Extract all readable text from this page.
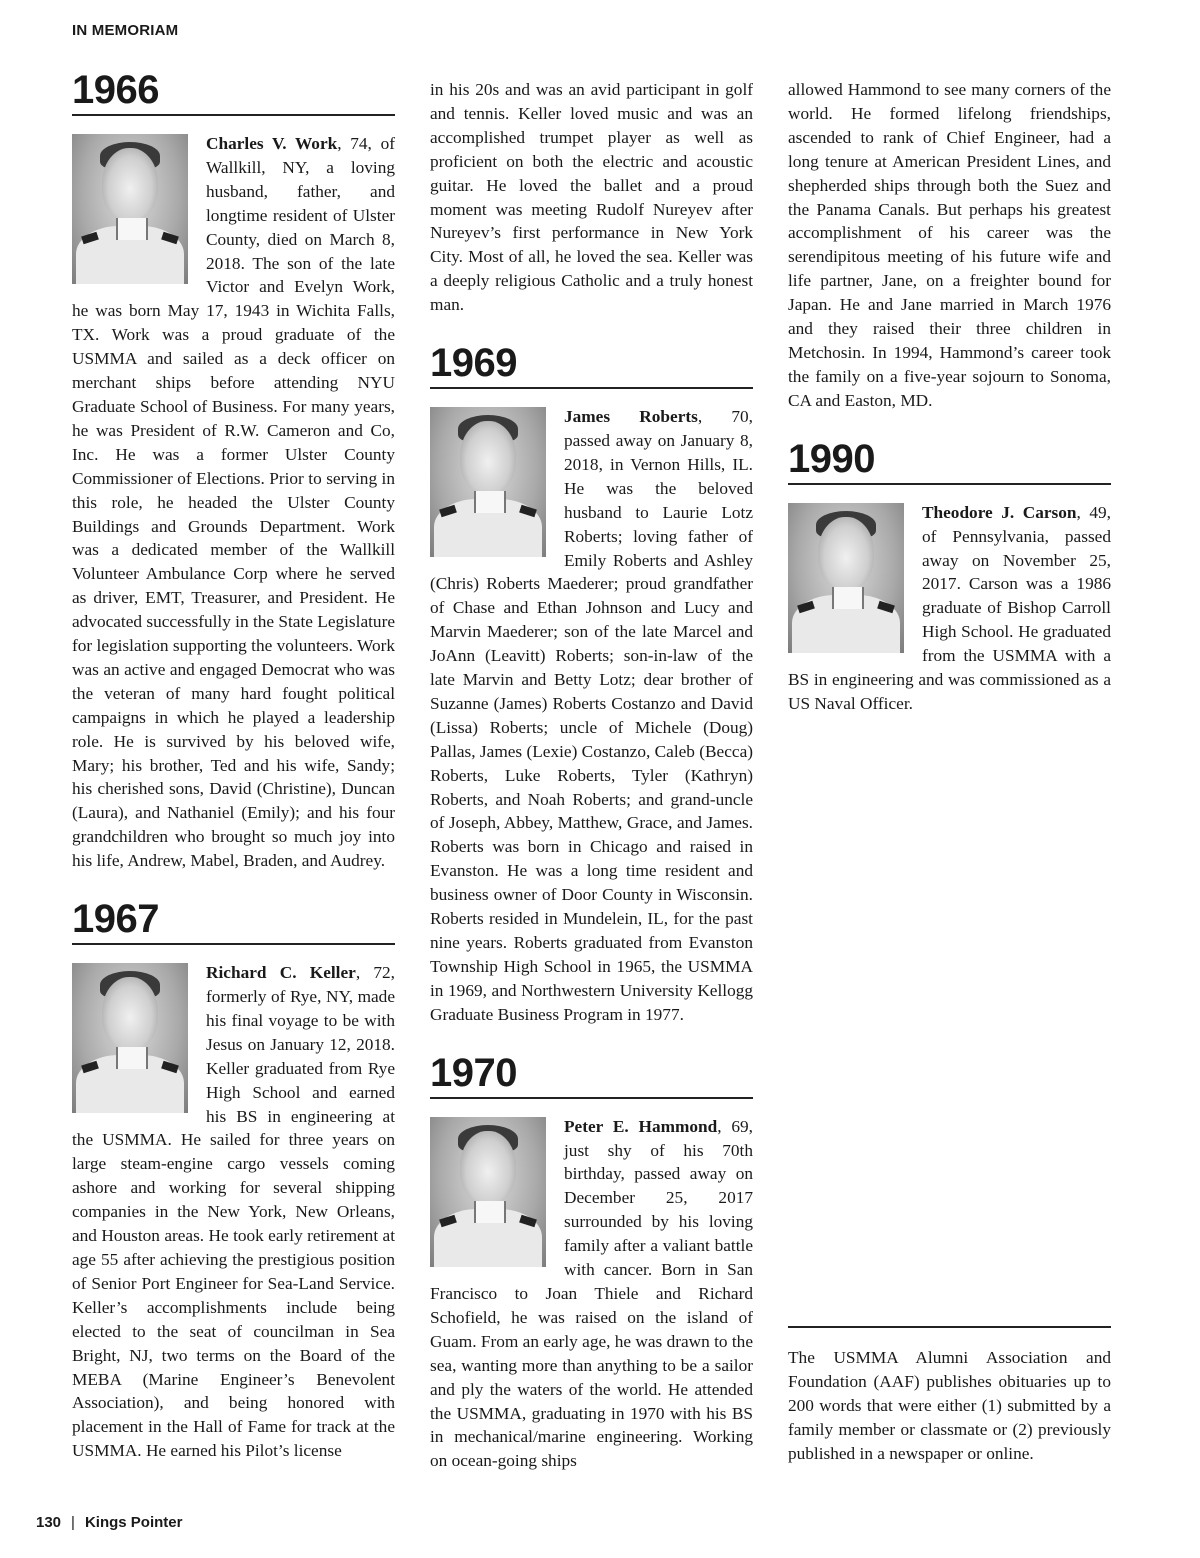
IN MEMORIAM
1966

Charles V. Work, 74, of Wallkill, NY, a loving husband, father, and longtime resident of Ulster County, died on March 8, 2018. The son of the late Victor and Evelyn Work, he was born May 17, 1943 in Wichita Falls, TX. Work was a proud graduate of the USMMA and sailed as a deck officer on merchant ships before attending NYU Graduate School of Business. For many years, he was President of R.W. Cameron and Co, Inc. He was a former Ulster County Commissioner of Elections. Prior to serving in this role, he headed the Ulster County Buildings and Grounds Department. Work was a dedicated member of the Wallkill Volunteer Ambulance Corp where he served as driver, EMT, Treasurer, and President. He advocated successfully in the State Legislature for legislation supporting the volunteers. Work was an active and engaged Democrat who was the veteran of many hard fought political campaigns in which he played a leadership role. He is survived by his beloved wife, Mary; his brother, Ted and his wife, Sandy; his cherished sons, David (Christine), Duncan (Laura), and Nathaniel (Emily); and his four grandchildren who brought so much joy into his life, Andrew, Mabel, Braden, and Audrey.

1967

Richard C. Keller, 72, formerly of Rye, NY, made his final voyage to be with Jesus on January 12, 2018. Keller graduated from Rye High School and earned his BS in engineering at the USMMA. He sailed for three years on large steam-engine cargo vessels coming ashore and working for several shipping companies in the New York, New Orleans, and Houston areas. He took early retirement at age 55 after achieving the prestigious position of Senior Port Engineer for Sea-Land Service. Keller’s accomplishments include being elected to the seat of councilman in Sea Bright, NJ, two terms on the Board of the MEBA (Marine Engineer’s Benevolent Association), and being honored with placement in the Hall of Fame for track at the USMMA. He earned his Pilot’s license

in his 20s and was an avid participant in golf and tennis. Keller loved music and was an accomplished trumpet player as well as proficient on both the electric and acoustic guitar. He loved the ballet and a proud moment was meeting Rudolf Nureyev after Nureyev’s first performance in New York City. Most of all, he loved the sea. Keller was a deeply religious Catholic and a truly honest man.

1969

James Roberts, 70, passed away on January 8, 2018, in Vernon Hills, IL. He was the beloved husband to Laurie Lotz Roberts; loving father of Emily Roberts and Ashley (Chris) Roberts Maederer; proud grandfather of Chase and Ethan Johnson and Lucy and Marvin Maederer; son of the late Marcel and JoAnn (Leavitt) Roberts; son-in-law of the late Marvin and Betty Lotz; dear brother of Suzanne (James) Roberts Costanzo and David (Lissa) Roberts; uncle of Michele (Doug) Pallas, James (Lexie) Costanzo, Caleb (Becca) Roberts, Luke Roberts, Tyler (Kathryn) Roberts, and Noah Roberts; and grand-uncle of Joseph, Abbey, Matthew, Grace, and James. Roberts was born in Chicago and raised in Evanston. He was a long time resident and business owner of Door County in Wisconsin. Roberts resided in Mundelein, IL, for the past nine years. Roberts graduated from Evanston Township High School in 1965, the USMMA in 1969, and Northwestern University Kellogg Graduate Business Program in 1977.

1970

Peter E. Hammond, 69, just shy of his 70th birthday, passed away on December 25, 2017 surrounded by his loving family after a valiant battle with cancer. Born in San Francisco to Joan Thiele and Richard Schofield, he was raised on the island of Guam. From an early age, he was drawn to the sea, wanting more than anything to be a sailor and ply the waters of the world. He attended the USMMA, graduating in 1970 with his BS in mechanical/marine engineering. Working on ocean-going ships

allowed Hammond to see many corners of the world. He formed lifelong friendships, ascended to rank of Chief Engineer, had a long tenure at American President Lines, and shepherded ships through both the Suez and the Panama Canals. But perhaps his greatest accomplishment of his career was the serendipitous meeting of his future wife and life partner, Jane, on a freighter bound for Japan. He and Jane married in March 1976 and they raised their three children in Metchosin. In 1994, Hammond’s career took the family on a five-year sojourn to Sonoma, CA and Easton, MD.

1990

Theodore J. Carson, 49, of Pennsylvania, passed away on November 25, 2017. Carson was a 1986 graduate of Bishop Carroll High School. He graduated from the USMMA with a BS in engineering and was commissioned as a US Naval Officer.

The USMMA Alumni Association and Foundation (AAF) publishes obituaries up to 200 words that were either (1) submitted by a family member or classmate or (2) previously published in a newspaper or online.
130 | Kings Pointer
